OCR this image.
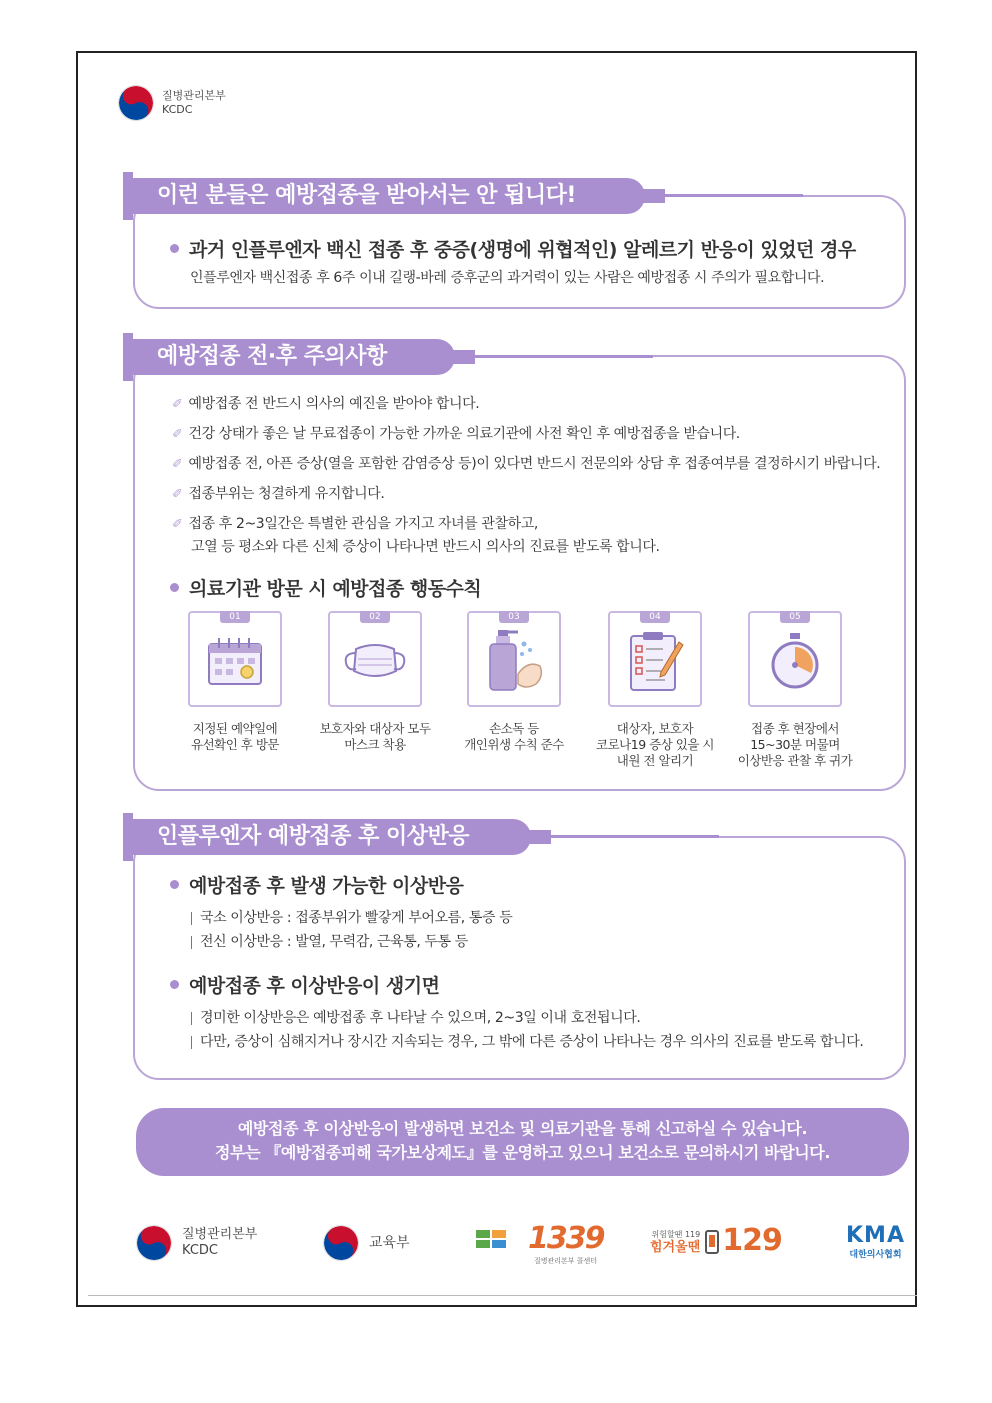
질병관리본부
KCDC
이런 분들은 예방접종을 받아서는 안 됩니다!
과거 인플루엔자 백신 접종 후 중증(생명에 위협적인) 알레르기 반응이 있었던 경우
인플루엔자 백신접종 후 6주 이내 길랭-바레 증후군의 과거력이 있는 사람은 예방접종 시 주의가 필요합니다.
예방접종 전·후 주의사항
✐ 예방접종 전 반드시 의사의 예진을 받아야 합니다.
✐ 건강 상태가 좋은 날 무료접종이 가능한 가까운 의료기관에 사전 확인 후 예방접종을 받습니다.
✐ 예방접종 전, 아픈 증상(열을 포함한 감염증상 등)이 있다면 반드시 전문의와 상담 후 접종여부를 결정하시기 바랍니다.
✐ 접종부위는 청결하게 유지합니다.
✐ 접종 후 2~3일간은 특별한 관심을 가지고 자녀를 관찰하고,
고열 등 평소와 다른 신체 증상이 나타나면 반드시 의사의 진료를 받도록 합니다.
의료기관 방문 시 예방접종 행동수칙
01
지정된 예약일에
유선확인 후 방문
02
보호자와 대상자 모두
마스크 착용
03
손소독 등
개인위생 수칙 준수
04
대상자, 보호자
코로나19 증상 있을 시
내원 전 알리기
05
접종 후 현장에서
15~30분 머물며
이상반응 관찰 후 귀가
인플루엔자 예방접종 후 이상반응
예방접종 후 발생 가능한 이상반응
국소 이상반응 : 접종부위가 빨갛게 부어오름, 통증 등
전신 이상반응 : 발열, 무력감, 근육통, 두통 등
예방접종 후 이상반응이 생기면
경미한 이상반응은 예방접종 후 나타날 수 있으며, 2~3일 이내 호전됩니다.
다만, 증상이 심해지거나 장시간 지속되는 경우, 그 밖에 다른 증상이 나타나는 경우 의사의 진료를 받도록 합니다.
예방접종 후 이상반응이 발생하면 보건소 및 의료기관을 통해 신고하실 수 있습니다.
정부는 『예방접종피해 국가보상제도』를 운영하고 있으니 보건소로 문의하시기 바랍니다.
질병관리본부
KCDC	교육부	1339
질병관리본부 콜센터
위험할땐 119
힘겨울땐 129	KMA
대한의사협회
